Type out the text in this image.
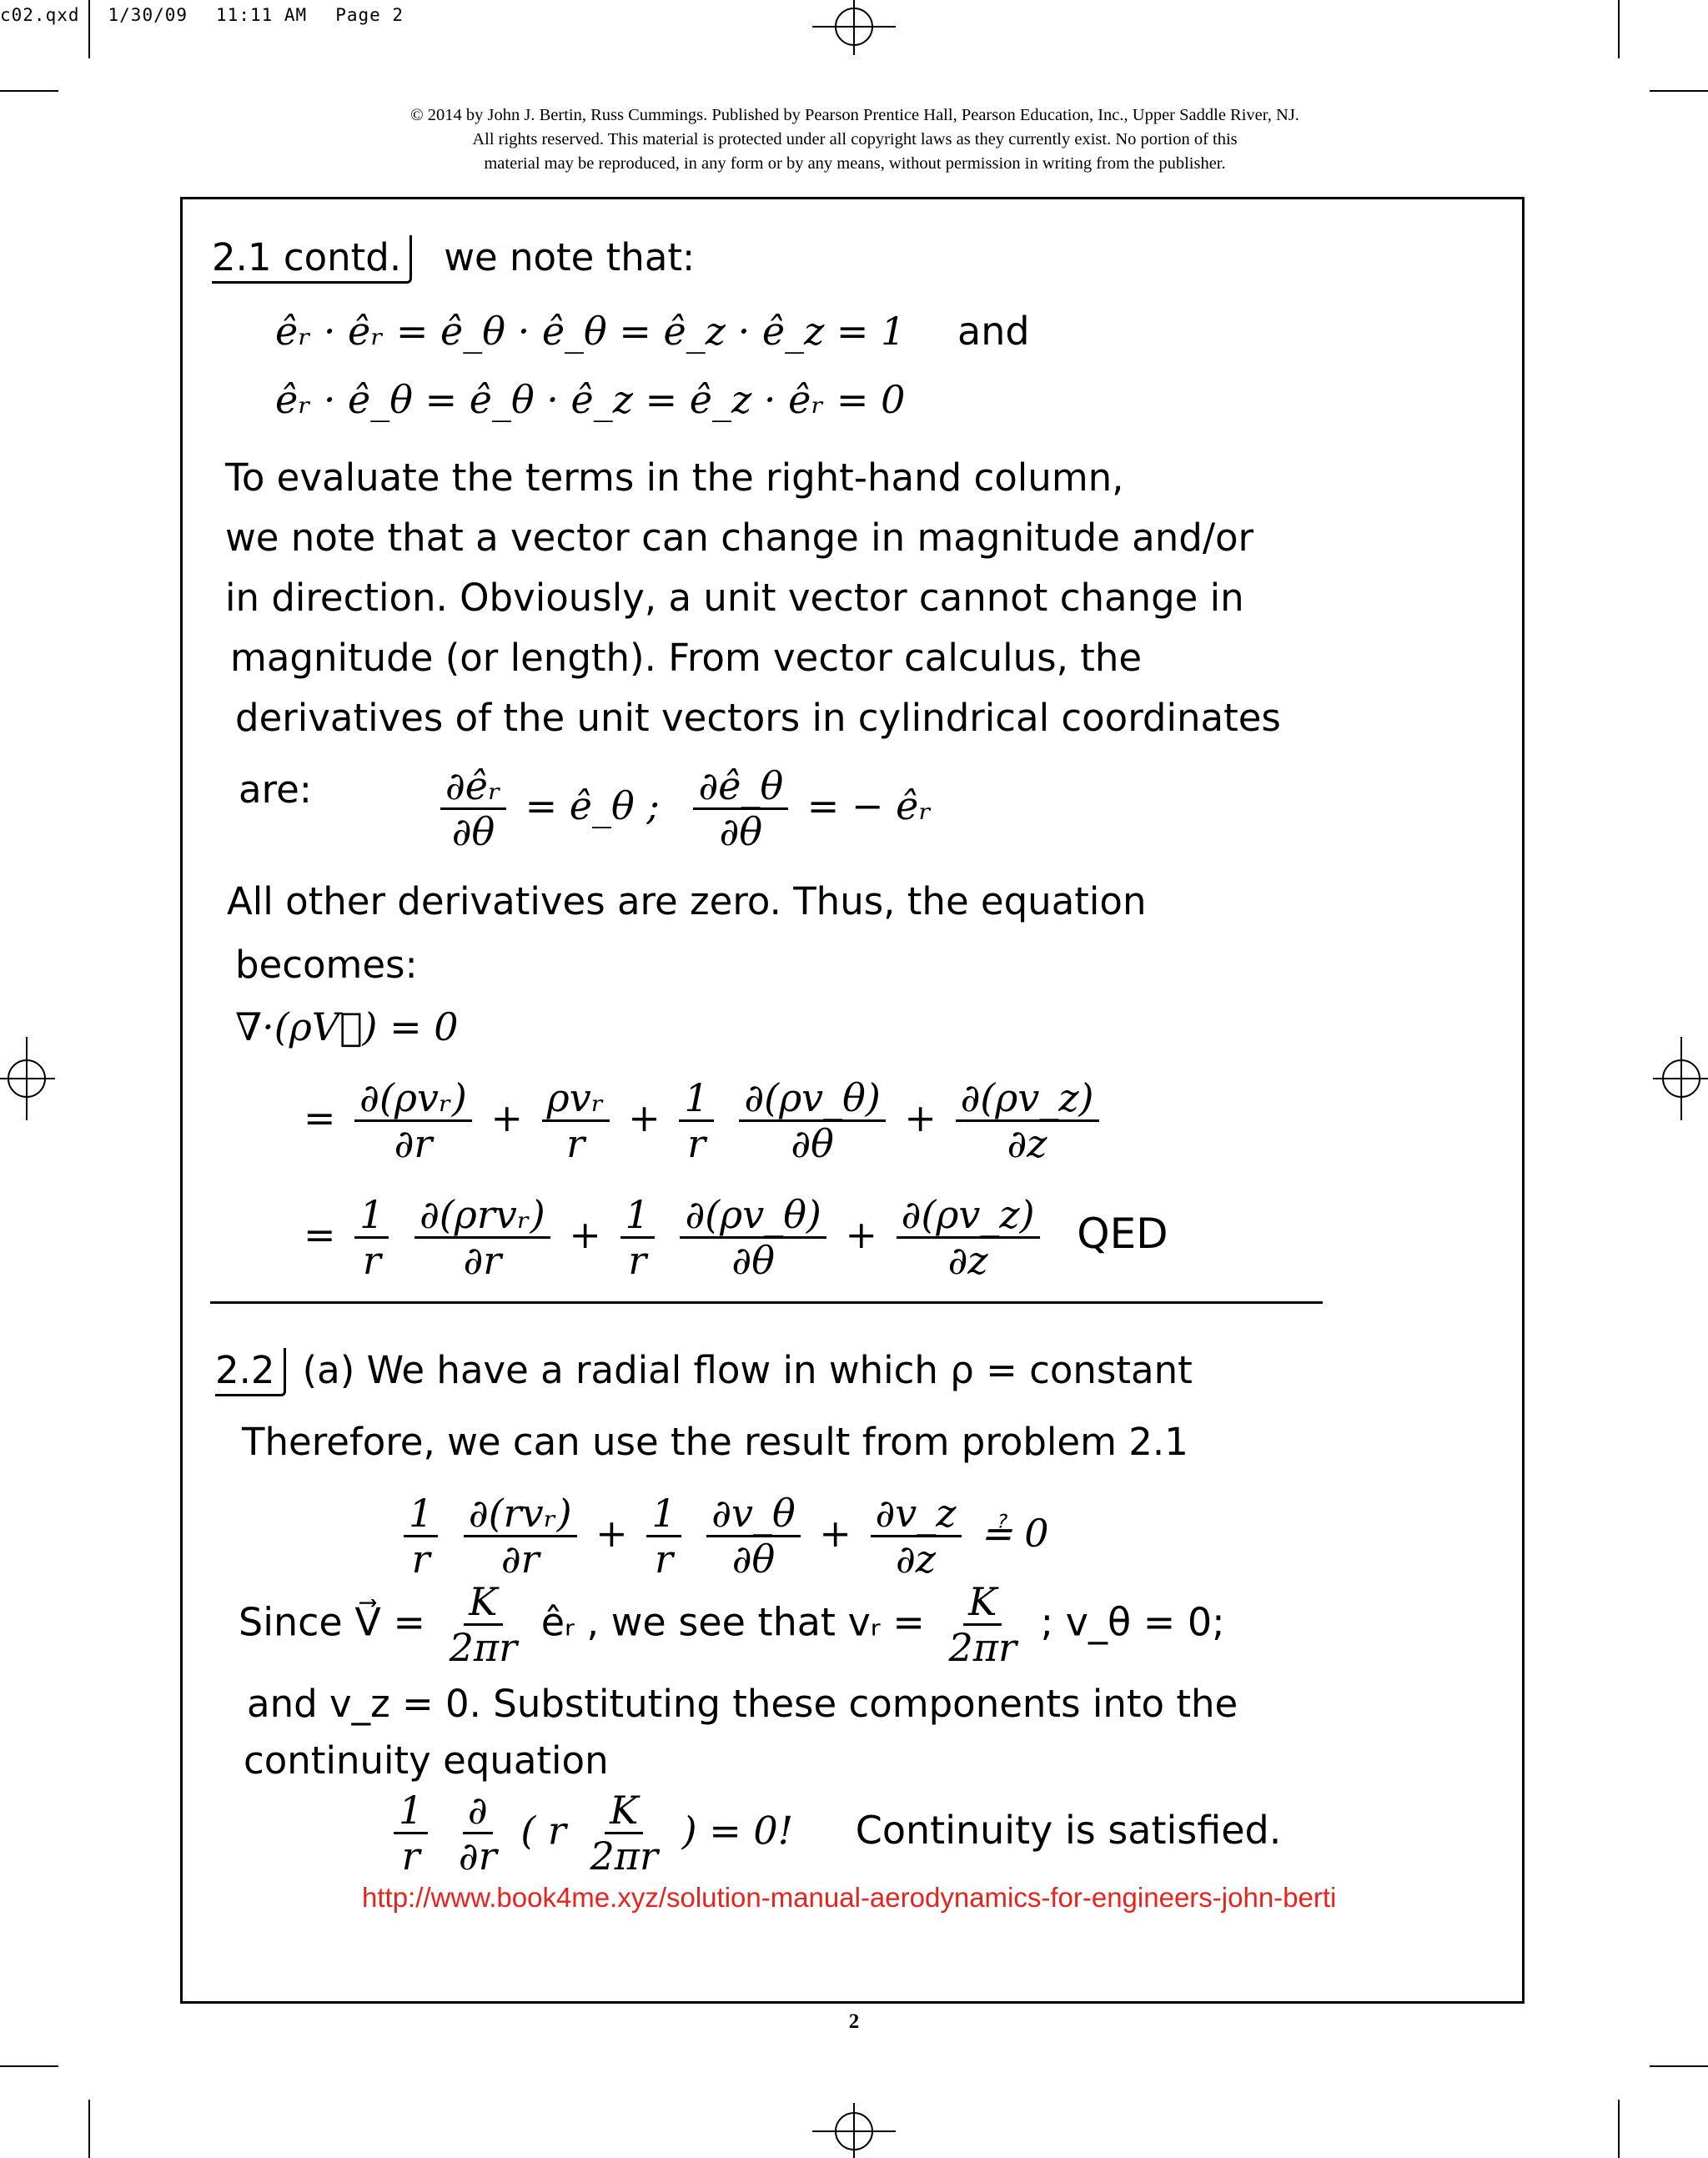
c02.qxd 1/30/09 11:11 AM Page 2
© 2014 by John J. Bertin, Russ Cummings. Published by Pearson Prentice Hall, Pearson Education, Inc., Upper Saddle River, NJ.
All rights reserved. This material is protected under all copyright laws as they currently exist. No portion of this
material may be reproduced, in any form or by any means, without permission in writing from the publisher.
2.1 contd. we note that:
êᵣ · êᵣ = ê_θ · ê_θ = ê_z · ê_z = 1 and
êᵣ · ê_θ = ê_θ · ê_z = ê_z · êᵣ = 0
To evaluate the terms in the right-hand column,
we note that a vector can change in magnitude and/or
in direction. Obviously, a unit vector cannot change in
magnitude (or length). From vector calculus, the
derivatives of the unit vectors in cylindrical coordinates
are:	$\frac{\text{∂êᵣ}}{\partial\theta}$ = ê_θ ; $\frac{\partial ê\_\theta}{\partial\theta}$ = − êᵣ
All other derivatives are zero. Thus, the equation
becomes:
∇·(ρV⃗) = 0
= $\frac{\text{∂(ρvᵣ)}}{\partial r} + \frac{\text{ρvᵣ}}{r} + \frac{1}{r}$
$\frac{\partial(\rho v\_\theta)}{\partial\theta} + \frac{\partial(\rho v\_z)}{\partial z}$
= $\frac{1}{r}$
$\frac{\text{∂(ρrvᵣ)}}{\partial r} + \frac{1}{r}$
$\frac{\partial(\rho v\_\theta)}{\partial\theta} + \frac{\partial(\rho v\_z)}{\partial z}$ QED
2.2 (a) We have a radial flow in which ρ = constant
Therefore, we can use the result from problem 2.1
$\frac{1}{r}$
$\frac{\text{∂(rvᵣ)}}{\partial r} + \frac{1}{r}$
$\frac{\partial v\_\theta}{\partial\theta} + \frac{\partial v\_z}{\partial z}$ ≟ 0
Since V⃗ = $\frac{K}{2\pi r}$ êᵣ , we see that vᵣ = $\frac{K}{2\pi r}$ ; v_θ = 0;
and v_z = 0. Substituting these components into the
continuity equation
$\frac{1}{r}$
$\frac{\partial}{\partial r}$ ( r $\frac{K}{2\pi r}$ ) = 0! Continuity is satisfied.
http://www.book4me.xyz/solution-manual-aerodynamics-for-engineers-john-berti
2
